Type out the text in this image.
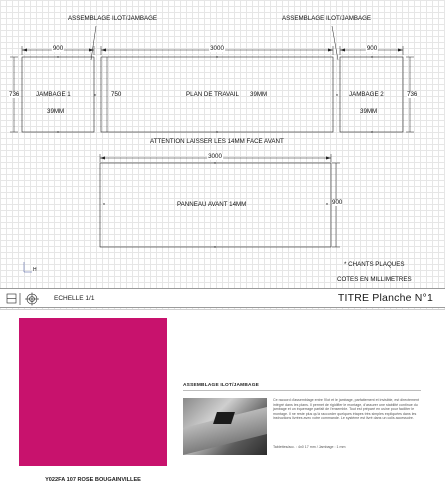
ASSEMBLAGE ILOT/JAMBAGE	ASSEMBLAGE ILOT/JAMBAGE
900	3000	900
736	750	736
JAMBAGE 1
39MM
PLAN DE TRAVAIL 39MM	JAMBAGE 2
39MM
ATTENTION LAISSER LES 14MM FACE AVANT
3000
PANNEAU AVANT 14MM	900
* CHANTS PLAQUES
COTES EN MILLIMETRES
H
ECHELLE 1/1	TITRE Planche N°1
Y022FA 107 ROSE BOUGAINVILLEE
ASSEMBLAGE ILOT/JAMBAGE
Ce raccord d'assemblage entre l'îlot et le jambage, parfaitement et invisible, est directement intégré dans les plans. Il permet de rigidifier le montage, d'assurer une stabilité continue du jambage et un équerrage parfait de l'ensemble. Tout est préparé en usine pour faciliter le montage. Il ne reste plus qu'à raccorder quelques étapes très simples expliquées dans les instructions livrées avec votre commande. Le système est livré dans un colis accessoire.
Tablettes/acc. : 4x0 17 mm / Jambage : 1 mm
